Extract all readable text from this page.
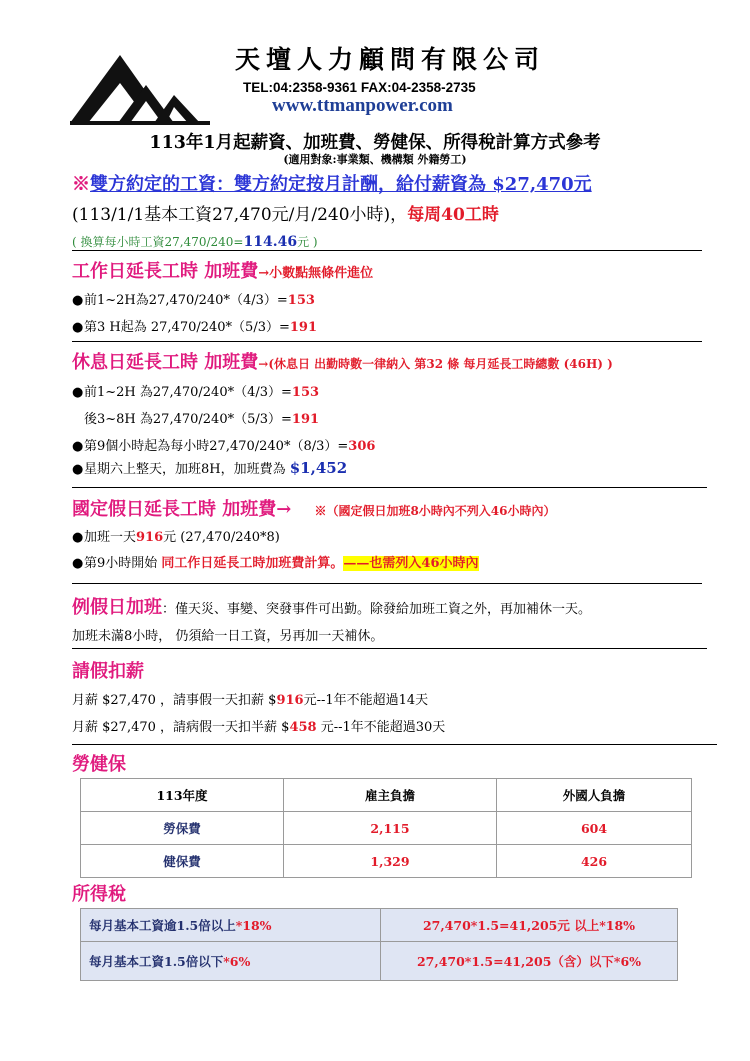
天壇人力顧問有限公司
TEL:04:2358-9361 FAX:04-2358-2735
www.ttmanpower.com
113年1月起薪資、加班費、勞健保、所得稅計算方式參考
(適用對象:事業類、機構類 外籍勞工)
※雙方約定的工資：雙方約定按月計酬，給付薪資為 $27,470元
(113/1/1基本工資27,470元/月/240小時)，每周40工時
( 換算每小時工資27,470/240=114.46元 )
工作日延長工時 加班費→小數點無條件進位
●前1~2H為27,470/240*（4/3）=153
●第3 H起為 27,470/240*（5/3）=191
休息日延長工時 加班費→(休息日 出勤時數一律納入 第32 條 每月延長工時總數 (46H) )
●前1~2H 為27,470/240*（4/3）=153
後3~8H 為27,470/240*（5/3）=191
●第9個小時起為每小時27,470/240*（8/3）=306
●星期六上整天，加班8H，加班費為 $1,452
國定假日延長工時 加班費→ ※（國定假日加班8小時內不列入46小時內）
●加班一天916元 (27,470/240*8)
●第9小時開始 同工作日延長工時加班費計算。——也需列入46小時內
例假日加班：僅天災、事變、突發事件可出勤。除發給加班工資之外，再加補休一天。
加班未滿8小時， 仍須給一日工資，另再加一天補休。
請假扣薪
月薪 $27,470 ，請事假一天扣薪 $916元--1年不能超過14天
月薪 $27,470 ，請病假一天扣半薪 $458 元--1年不能超過30天
勞健保
113年度	雇主負擔	外國人負擔
勞保費	2,115	604
健保費	1,329	426
所得稅
每月基本工資逾1.5倍以上*18%	27,470*1.5=41,205元 以上*18%
每月基本工資1.5倍以下*6%	27,470*1.5=41,205（含）以下*6%
